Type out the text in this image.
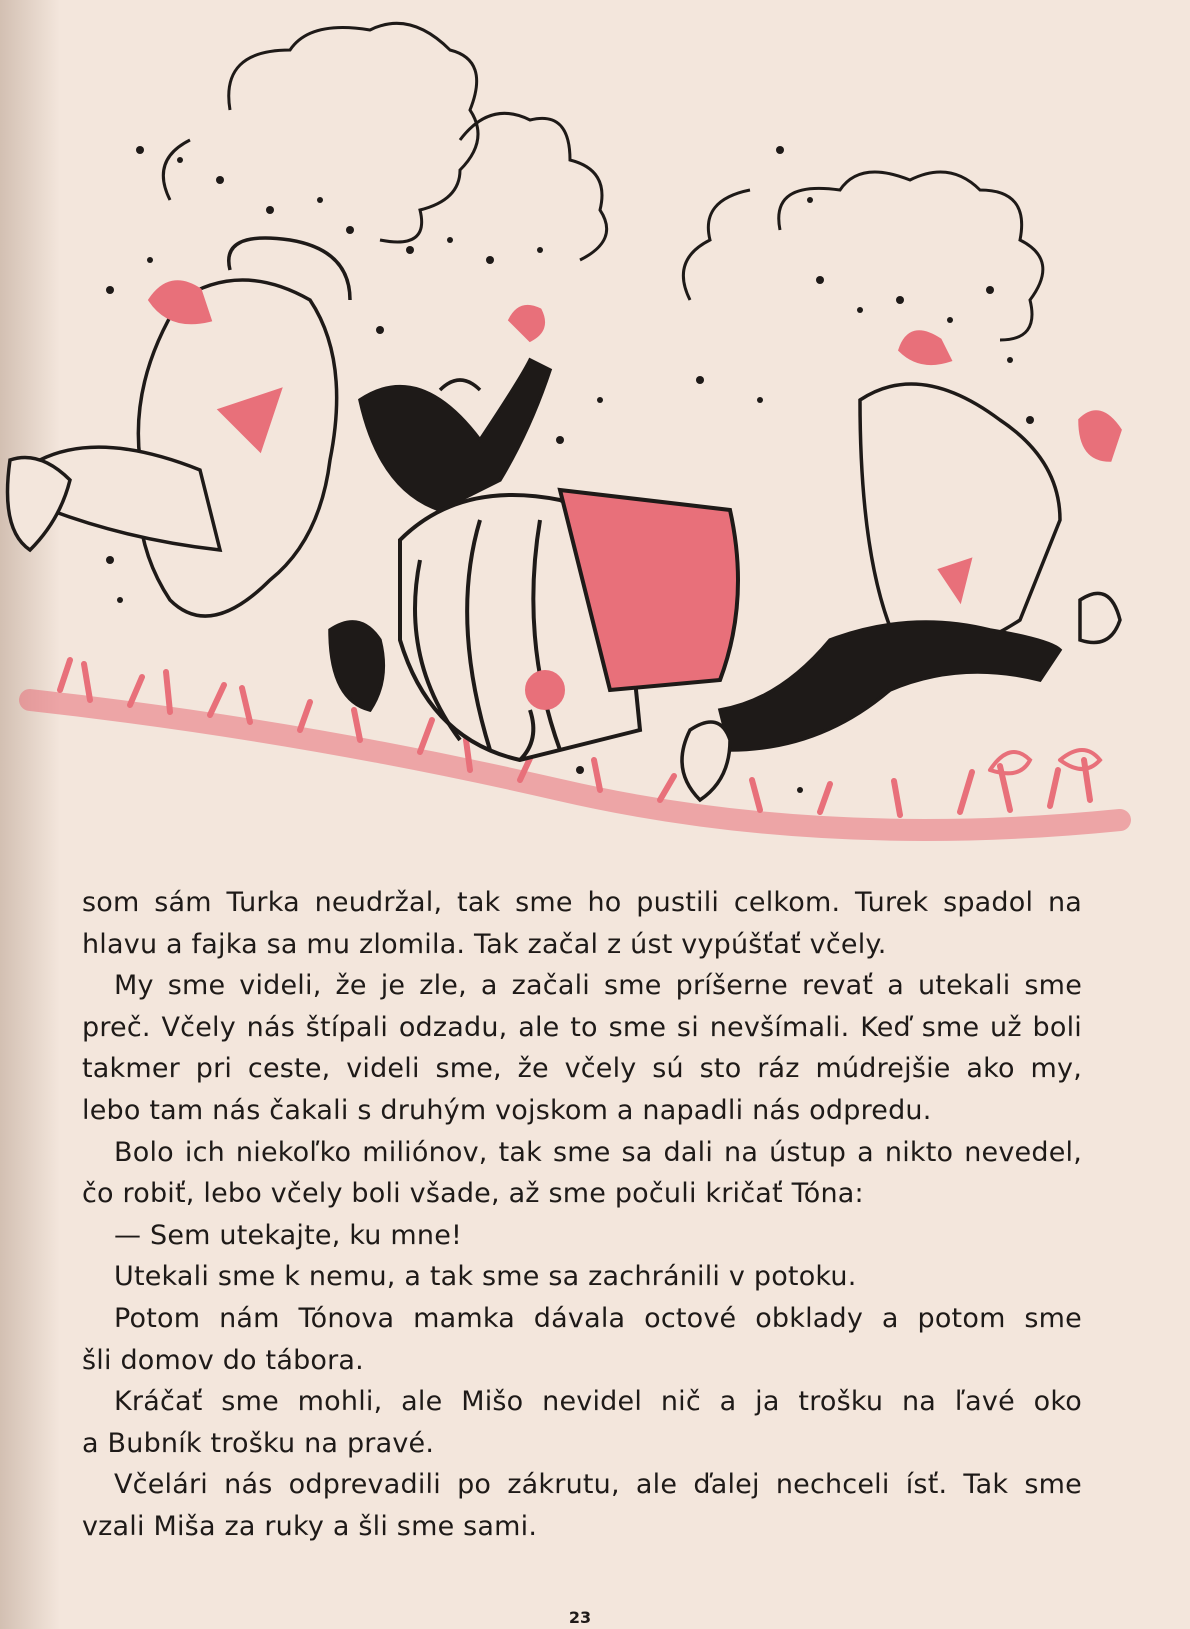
som sám Turka neudržal, tak sme ho pustili celkom. Turek spadol na
hlavu a fajka sa mu zlomila. Tak začal z úst vypúšťať včely.
My sme videli, že je zle, a začali sme príšerne revať a utekali sme
preč. Včely nás štípali odzadu, ale to sme si nevšímali. Keď sme už boli
takmer pri ceste, videli sme, že včely sú sto ráz múdrejšie ako my,
lebo tam nás čakali s druhým vojskom a napadli nás odpredu.
Bolo ich niekoľko miliónov, tak sme sa dali na ústup a nikto nevedel,
čo robiť, lebo včely boli všade, až sme počuli kričať Tóna:
— Sem utekajte, ku mne!
Utekali sme k nemu, a tak sme sa zachránili v potoku.
Potom nám Tónova mamka dávala octové obklady a potom sme
šli domov do tábora.
Kráčať sme mohli, ale Mišo nevidel nič a ja trošku na ľavé oko
a Bubník trošku na pravé.
Včelári nás odprevadili po zákrutu, ale ďalej nechceli ísť. Tak sme
vzali Miša za ruky a šli sme sami.
23
